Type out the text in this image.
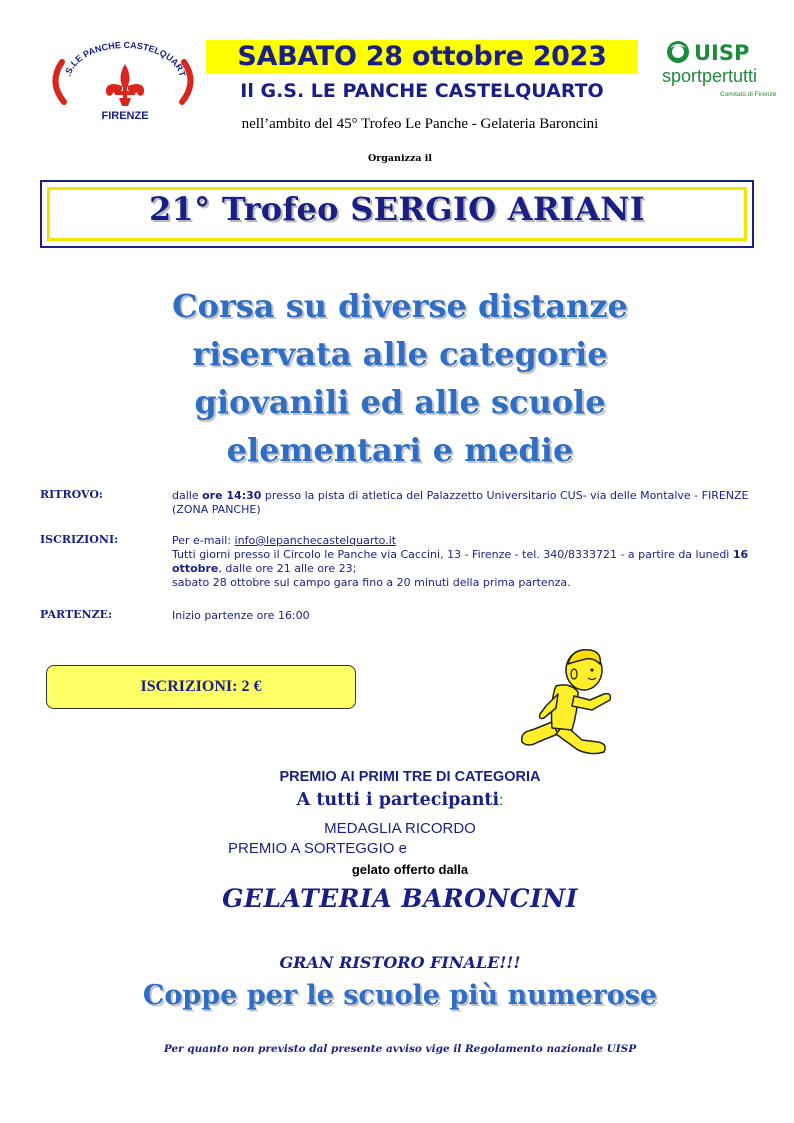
.S.LE PANCHE CASTELQUART
FIRENZE
SABATO 28 ottobre 2023
Il G.S. LE PANCHE CASTELQUARTO
nell’ambito del 45° Trofeo Le Panche - Gelateria Baroncini
UISP
sportpertutti
Comitato di Firenze
Organizza il
21° Trofeo SERGIO ARIANI
Corsa su diverse distanze
riservata alle categorie
giovanili ed alle scuole
elementari e medie
RITROVO:	dalle ore 14:30 presso la pista di atletica del Palazzetto Universitario CUS- via delle Montalve - FIRENZE (ZONA PANCHE)
ISCRIZIONI:	Per e-mail: info@lepanchecastelquarto.it
Tutti giorni presso il Circolo le Panche via Caccini, 13 - Firenze - tel. 340/8333721 - a partire da lunedì 16 ottobre, dalle ore 21 alle ore 23;
sabato 28 ottobre sul campo gara fino a 20 minuti della prima partenza.
PARTENZE:	Inizio partenze ore 16:00
ISCRIZIONI: 2 €
PREMIO AI PRIMI TRE DI CATEGORIA
A tutti i partecipanti:
MEDAGLIA RICORDO
PREMIO A SORTEGGIO e
gelato offerto dalla
GELATERIA BARONCINI
GRAN RISTORO FINALE!!!
Coppe per le scuole più numerose
Per quanto non previsto dal presente avviso vige il Regolamento nazionale UISP
